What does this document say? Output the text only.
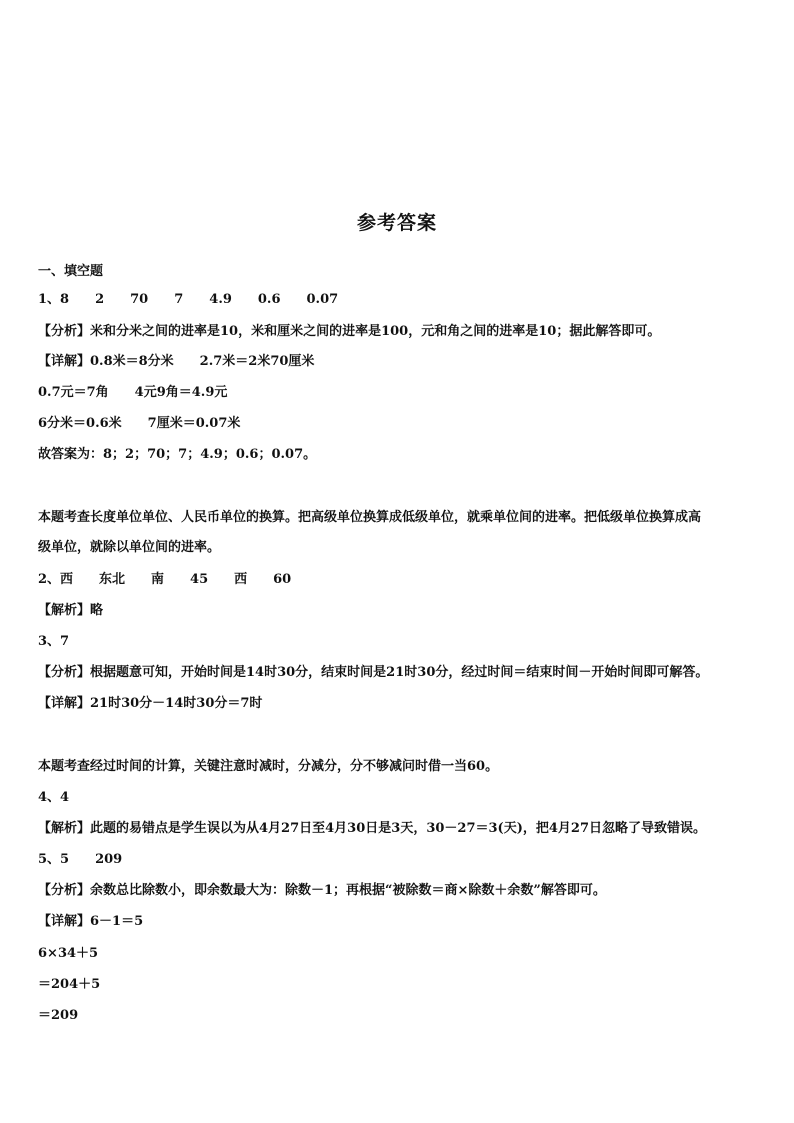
参考答案
一、填空题
1、8　　2　　70　　7　　4.9　　0.6　　0.07
【分析】米和分米之间的进率是10，米和厘米之间的进率是100，元和角之间的进率是10；据此解答即可。
【详解】0.8米＝8分米　　2.7米＝2米70厘米
0.7元＝7角　　4元9角＝4.9元
6分米＝0.6米　　7厘米＝0.07米
故答案为：8；2；70；7；4.9；0.6；0.07。
本题考查长度单位单位、人民币单位的换算。把高级单位换算成低级单位，就乘单位间的进率。把低级单位换算成高
级单位，就除以单位间的进率。
2、西　　东北　　南　　45　　西　　60
【解析】略
3、7
【分析】根据题意可知，开始时间是14时30分，结束时间是21时30分，经过时间＝结束时间－开始时间即可解答。
【详解】21时30分－14时30分＝7时
本题考查经过时间的计算，关键注意时减时，分减分，分不够减问时借一当60。
4、4
【解析】此题的易错点是学生误以为从4月27日至4月30日是3天，30－27＝3(天)，把4月27日忽略了导致错误。
5、5　　209
【分析】余数总比除数小，即余数最大为：除数－1；再根据“被除数＝商×除数＋余数”解答即可。
【详解】6－1＝5
6×34＋5
＝204＋5
＝209
